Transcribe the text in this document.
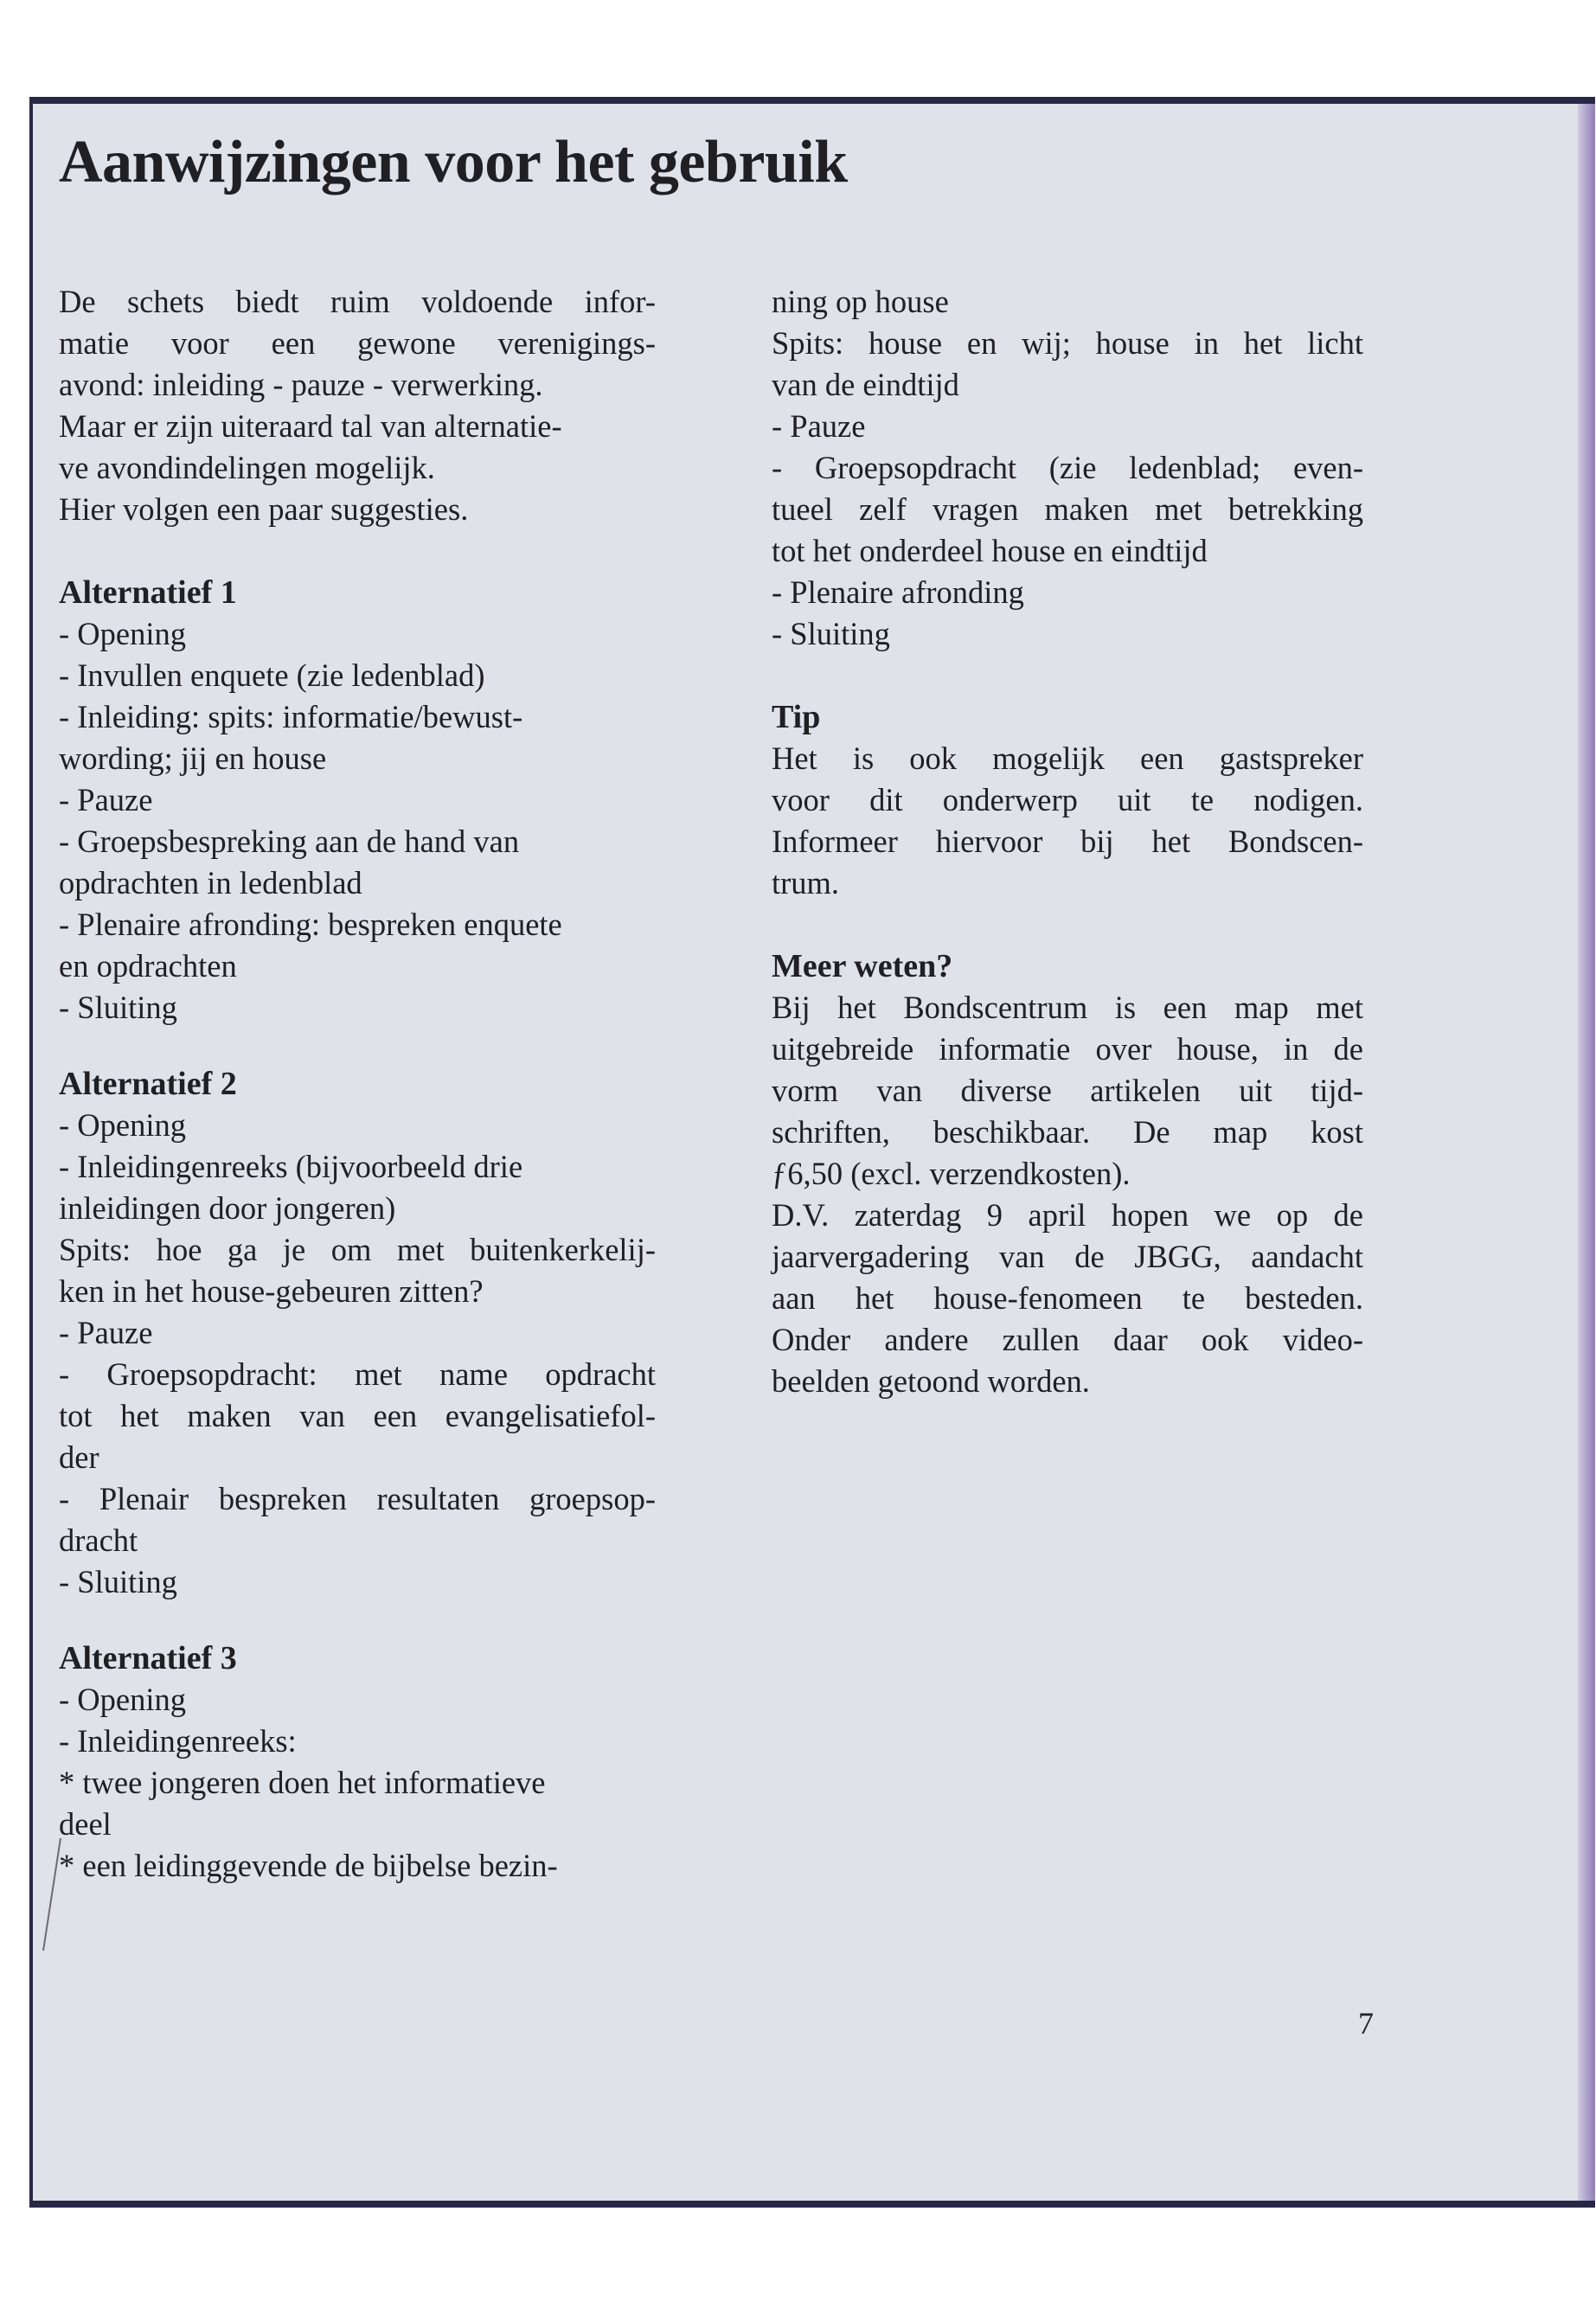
Aanwijzingen voor het gebruik

De schets biedt ruim voldoende infor-

matie voor een gewone verenigings-

avond: inleiding - pauze - verwerking.

Maar er zijn uiteraard tal van alternatie-

ve avondindelingen mogelijk.

Hier volgen een paar suggesties.

Alternatief 1

- Opening

- Invullen enquete (zie ledenblad)

- Inleiding: spits: informatie/bewust-

wording; jij en house

- Pauze

- Groepsbespreking aan de hand van

opdrachten in ledenblad

- Plenaire afronding: bespreken enquete

en opdrachten

- Sluiting

Alternatief 2

- Opening

- Inleidingenreeks (bijvoorbeeld drie

inleidingen door jongeren)

Spits: hoe ga je om met buitenkerkelij-

ken in het house-gebeuren zitten?

- Pauze

- Groepsopdracht: met name opdracht

tot het maken van een evangelisatiefol-

der

- Plenair bespreken resultaten groepsop-

dracht

- Sluiting

Alternatief 3

- Opening

- Inleidingenreeks:

* twee jongeren doen het informatieve

deel

* een leidinggevende de bijbelse bezin-

ning op house

Spits: house en wij; house in het licht

van de eindtijd

- Pauze

- Groepsopdracht (zie ledenblad; even-

tueel zelf vragen maken met betrekking

tot het onderdeel house en eindtijd

- Plenaire afronding

- Sluiting

Tip

Het is ook mogelijk een gastspreker

voor dit onderwerp uit te nodigen.

Informeer hiervoor bij het Bondscen-

trum.

Meer weten?

Bij het Bondscentrum is een map met

uitgebreide informatie over house, in de

vorm van diverse artikelen uit tijd-

schriften, beschikbaar. De map kost

ƒ6,50 (excl. verzendkosten).

D.V. zaterdag 9 april hopen we op de

jaarvergadering van de JBGG, aandacht

aan het house-fenomeen te besteden.

Onder andere zullen daar ook video-

beelden getoond worden.

7
